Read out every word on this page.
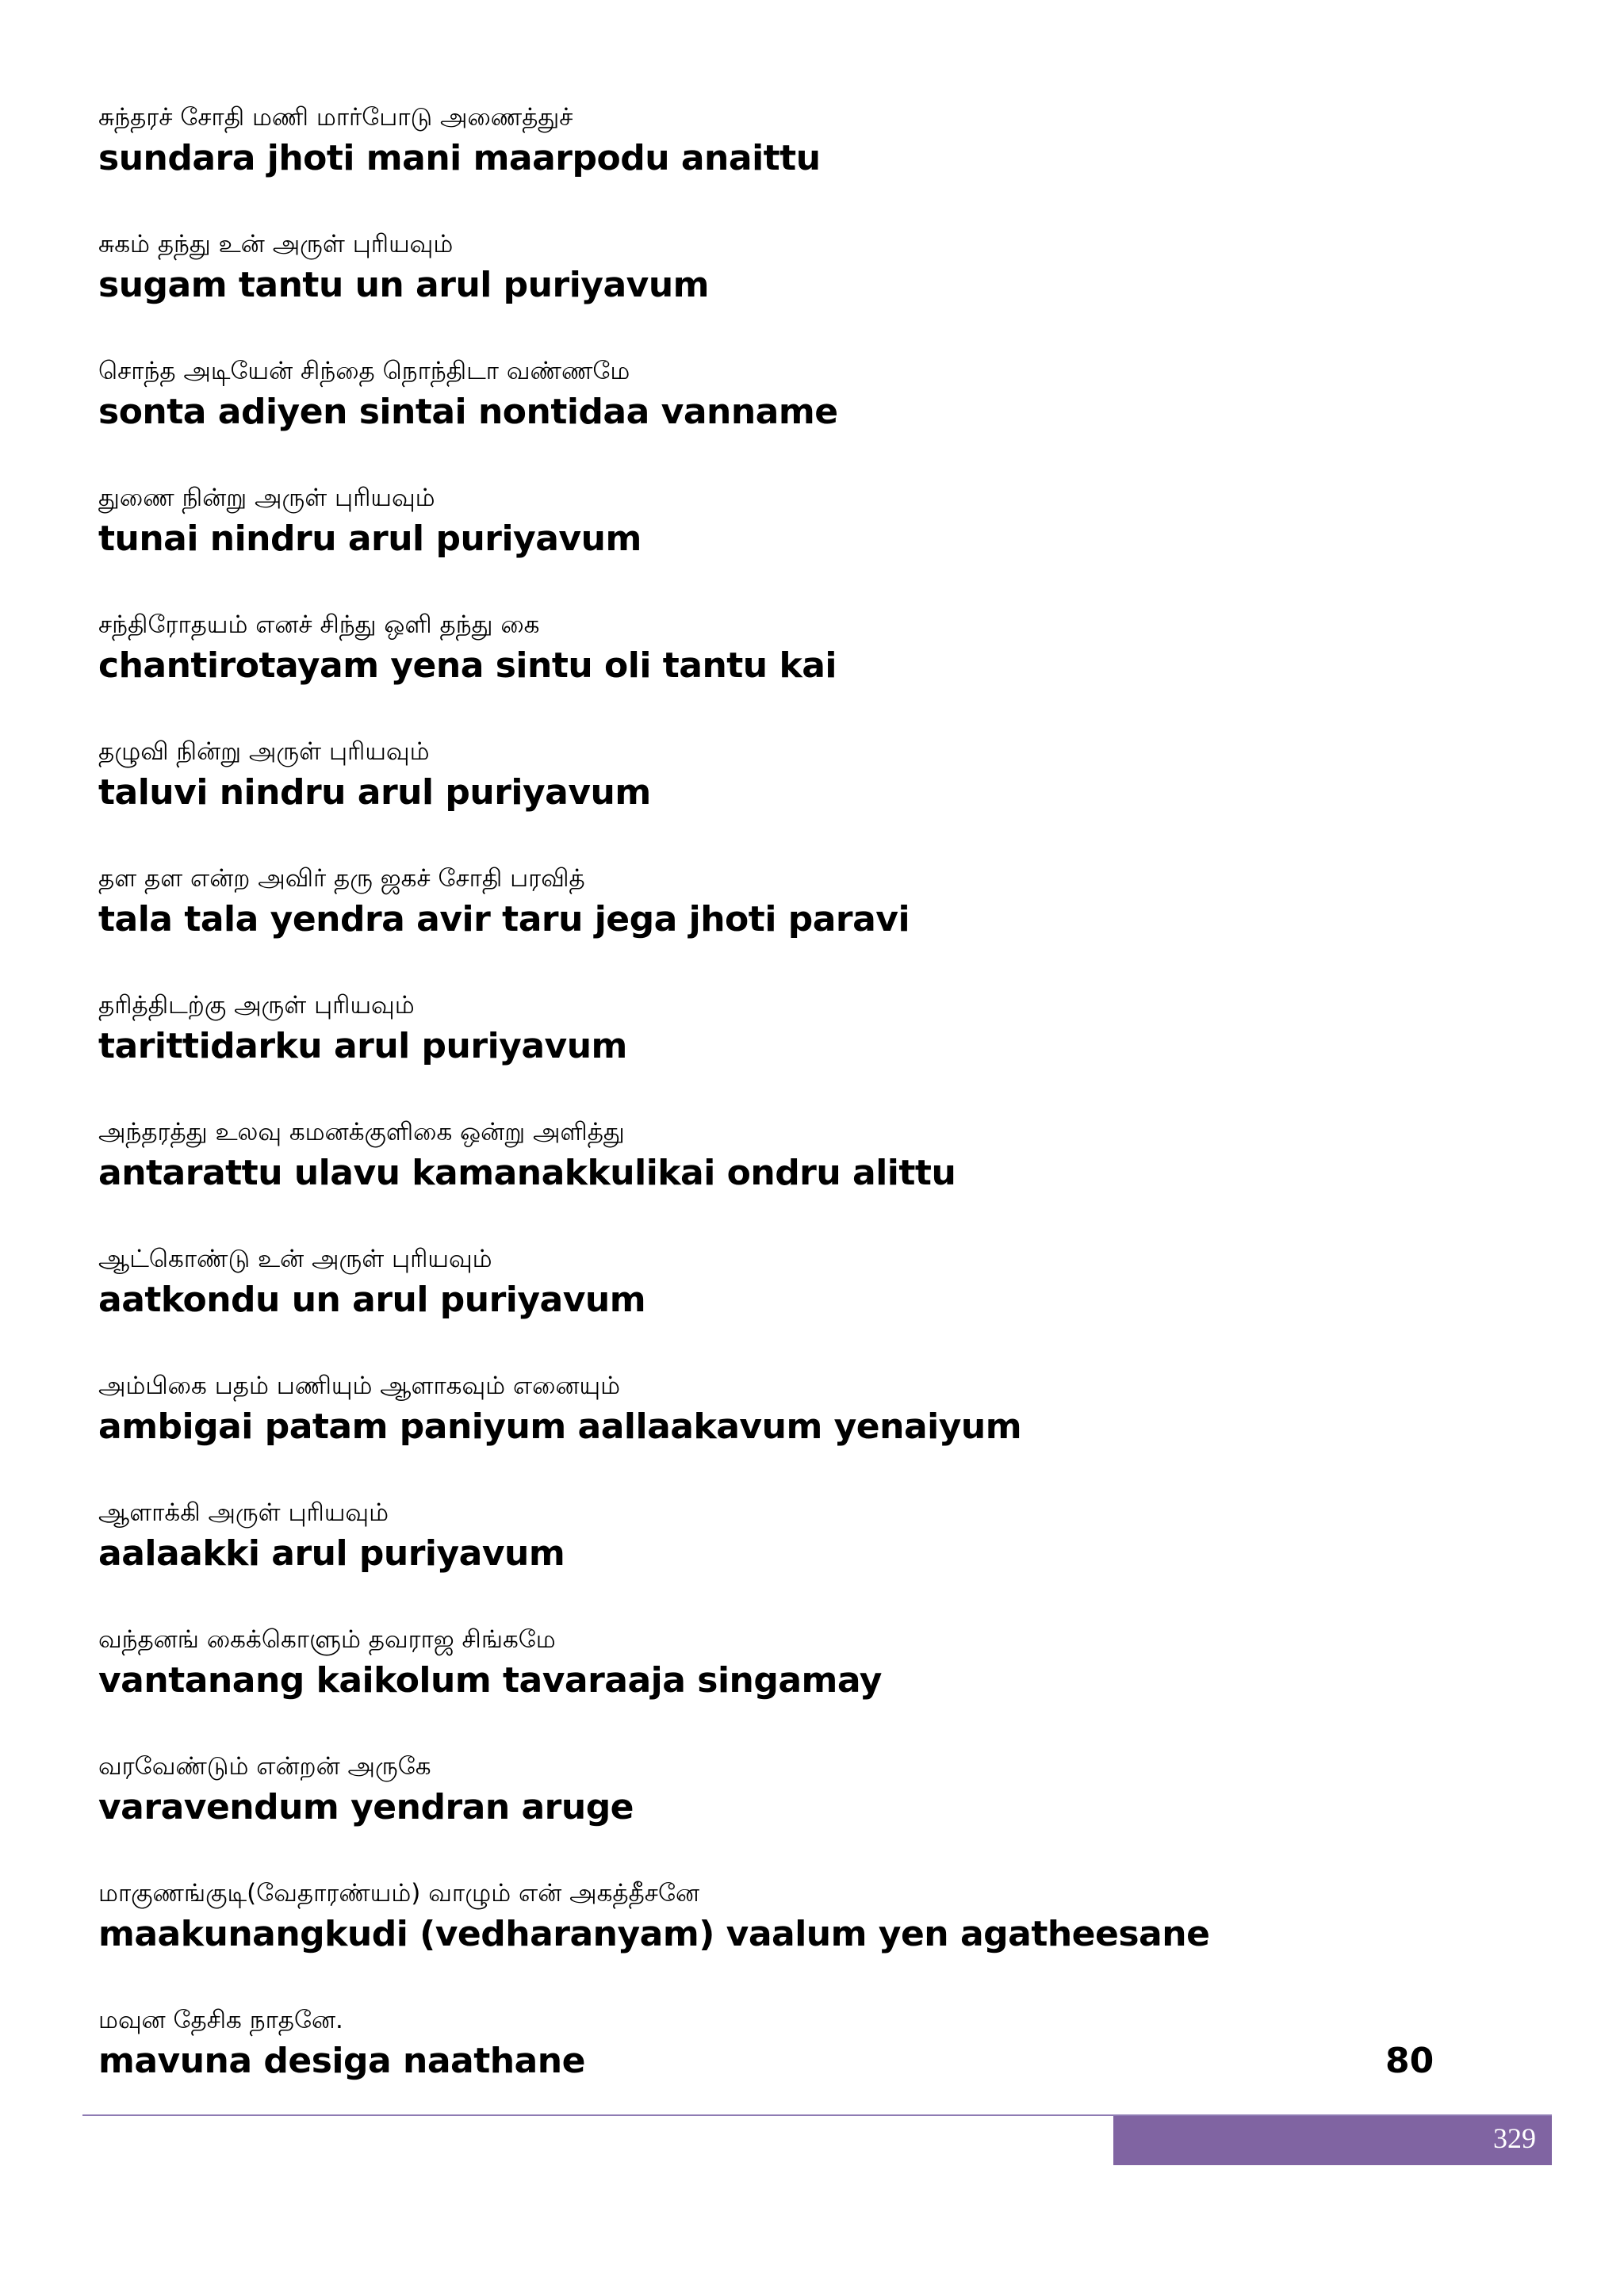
சுந்தரச் சோதி மணி மார்போடு அணைத்துச்
sundara jhoti mani maarpodu anaittu
சுகம் தந்து உன் அருள் புரியவும்
sugam tantu un arul puriyavum
சொந்த அடியேன் சிந்தை நொந்திடா வண்ணமே
sonta adiyen sintai nontidaa vanname
துணை நின்று அருள் புரியவும்
tunai nindru arul puriyavum
சந்திரோதயம் எனச் சிந்து ஒளி தந்து கை
chantirotayam yena sintu oli tantu kai
தழுவி நின்று அருள் புரியவும்
taluvi nindru arul puriyavum
தள தள என்ற அவிர் தரு ஜகச் சோதி பரவித்
tala tala yendra avir taru jega jhoti paravi
தரித்திடற்கு அருள் புரியவும்
tarittidarku arul puriyavum
அந்தரத்து உலவு கமனக்குளிகை ஒன்று அளித்து
antarattu ulavu kamanakkulikai ondru alittu
ஆட்கொண்டு உன் அருள் புரியவும்
aatkondu un arul puriyavum
அம்பிகை பதம் பணியும் ஆளாகவும் எனையும்
ambigai patam paniyum aallaakavum yenaiyum
ஆளாக்கி அருள் புரியவும்
aalaakki arul puriyavum
வந்தனங் கைக்கொளும் தவராஜ சிங்கமே
vantanang kaikolum tavaraaja singamay
வரவேண்டும் என்றன் அருகே
varavendum yendran aruge
மாகுணங்குடி(வேதாரண்யம்) வாழும் என் அகத்தீசனே
maakunangkudi (vedharanyam) vaalum yen agatheesane
மவுன தேசிக நாதனே.
mavuna desiga naathane	80
329
